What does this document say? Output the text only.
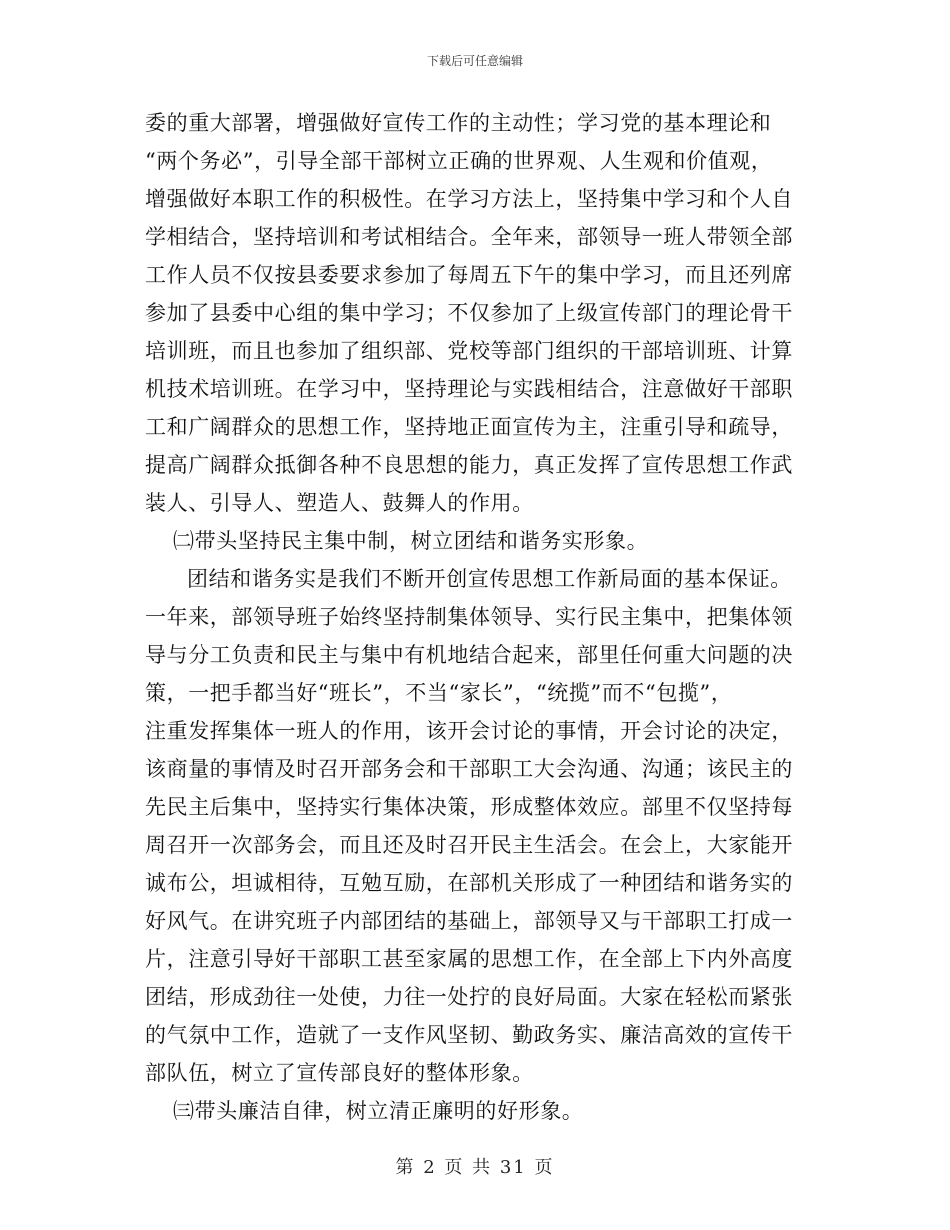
下载后可任意编辑
委的重大部署，增强做好宣传工作的主动性；学习党的基本理论和
“两个务必”，引导全部干部树立正确的世界观、人生观和价值观，
增强做好本职工作的积极性。在学习方法上，坚持集中学习和个人自
学相结合，坚持培训和考试相结合。全年来，部领导一班人带领全部
工作人员不仅按县委要求参加了每周五下午的集中学习，而且还列席
参加了县委中心组的集中学习；不仅参加了上级宣传部门的理论骨干
培训班，而且也参加了组织部、党校等部门组织的干部培训班、计算
机技术培训班。在学习中，坚持理论与实践相结合，注意做好干部职
工和广阔群众的思想工作，坚持地正面宣传为主，注重引导和疏导，
提高广阔群众抵御各种不良思想的能力，真正发挥了宣传思想工作武
装人、引导人、塑造人、鼓舞人的作用。
㈡带头坚持民主集中制，树立团结和谐务实形象。
团结和谐务实是我们不断开创宣传思想工作新局面的基本保证。
一年来，部领导班子始终坚持制集体领导、实行民主集中，把集体领
导与分工负责和民主与集中有机地结合起来，部里任何重大问题的决
策，一把手都当好“班长”，不当“家长”，“统揽”而不“包揽”，
注重发挥集体一班人的作用，该开会讨论的事情，开会讨论的决定，
该商量的事情及时召开部务会和干部职工大会沟通、沟通；该民主的
先民主后集中，坚持实行集体决策，形成整体效应。部里不仅坚持每
周召开一次部务会，而且还及时召开民主生活会。在会上，大家能开
诚布公，坦诚相待，互勉互励，在部机关形成了一种团结和谐务实的
好风气。在讲究班子内部团结的基础上，部领导又与干部职工打成一
片，注意引导好干部职工甚至家属的思想工作，在全部上下内外高度
团结，形成劲往一处使，力往一处拧的良好局面。大家在轻松而紧张
的气氛中工作，造就了一支作风坚韧、勤政务实、廉洁高效的宣传干
部队伍，树立了宣传部良好的整体形象。
㈢带头廉洁自律，树立清正廉明的好形象。
第 2 页 共 31 页
